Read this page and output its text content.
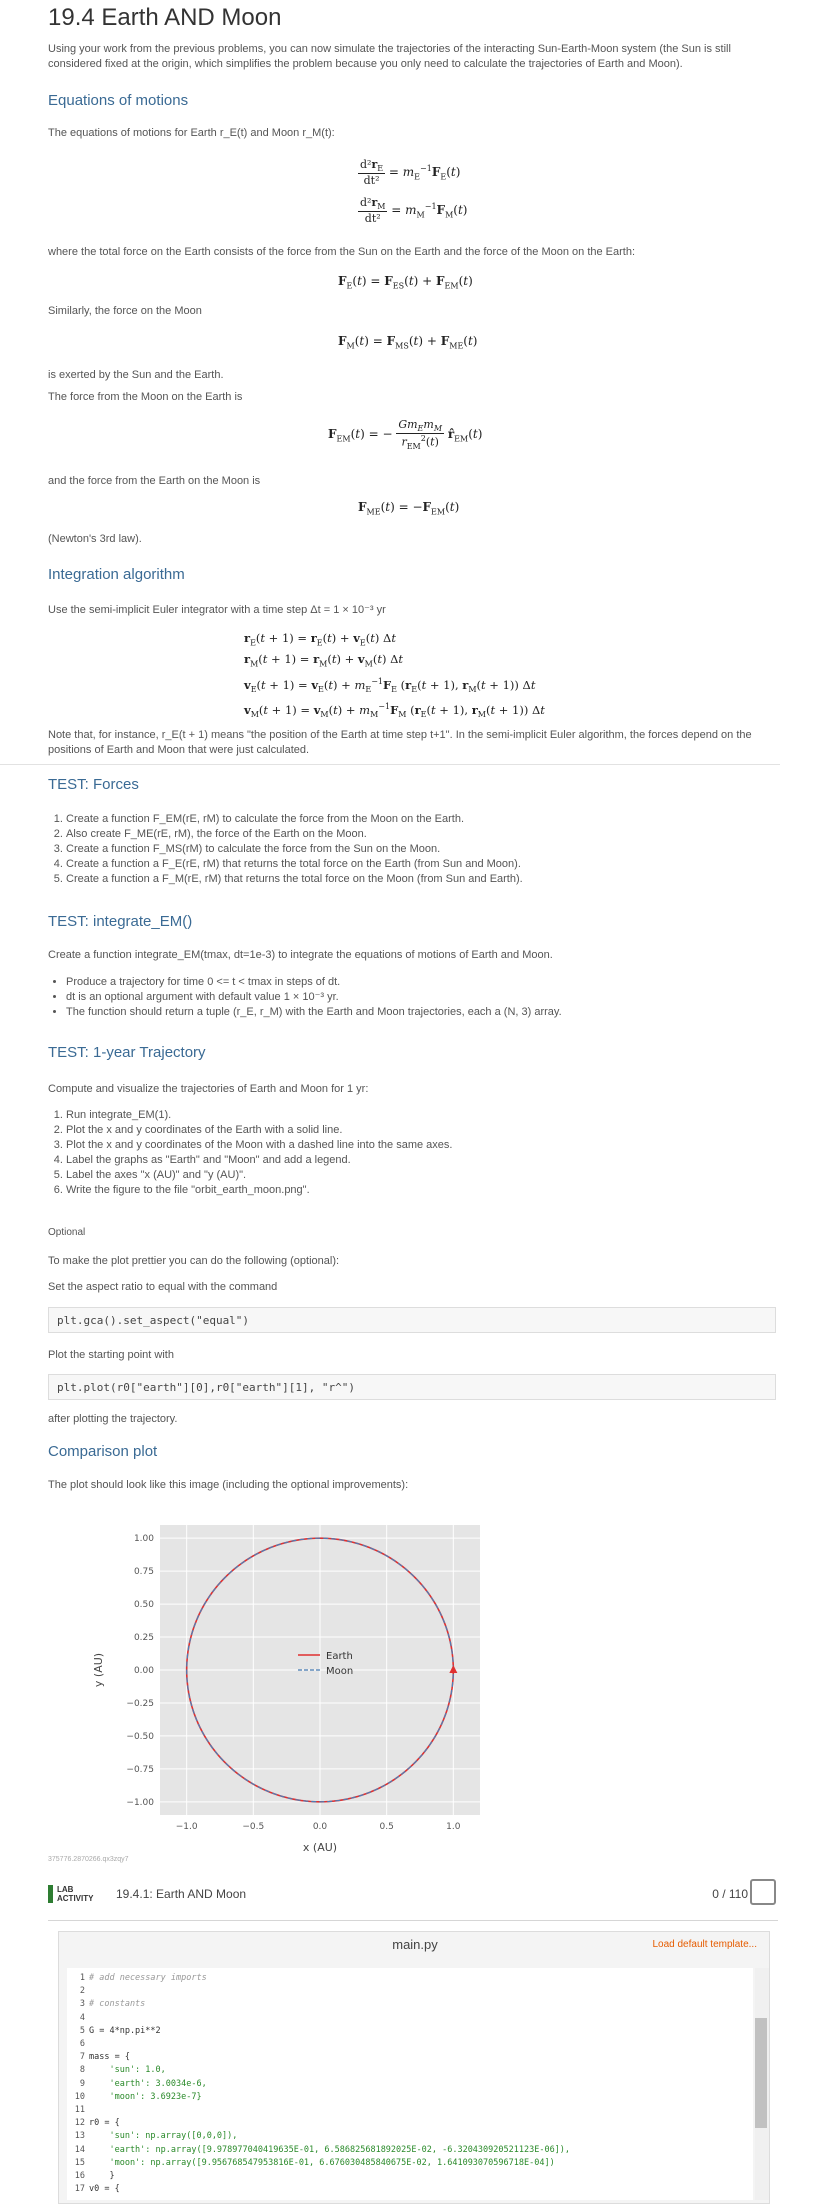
19.4 Earth AND Moon
Using your work from the previous problems, you can now simulate the trajectories of the interacting Sun-Earth-Moon system (the Sun is still considered fixed at the origin, which simplifies the problem because you only need to calculate the trajectories of Earth and Moon).
Equations of motions
The equations of motions for Earth r_E(t) and Moon r_M(t):
$\frac{d^2r_E}{\text{dt²}} = m_E^{-1}F_E(t)$
$\frac{d^2r_M}{\text{dt²}} = m_M^{-1}F_M(t)$
where the total force on the Earth consists of the force from the Sun on the Earth and the force of the Moon on the Earth:
$F_E(t) = F_{ES}(t) + F_{EM}(t)$
Similarly, the force on the Moon
$F_M(t) = F_{MS}(t) + F_{ME}(t)$
is exerted by the Sun and the Earth.
The force from the Moon on the Earth is
$F_{EM}(t)$ = − $\frac{Gm_Em_M}{r_{EM}^2(t)}$ $r̂_{EM}(t)$
and the force from the Earth on the Moon is
$F_{ME}(t) = -F_{EM}(t)$
(Newton's 3rd law).
Integration algorithm
Use the semi-implicit Euler integrator with a time step Δt = 1 × 10⁻³ yr
$r_E(t + 1) = r_E(t) + v_E(t)$ Δt
$r_M(t + 1) = r_M(t) + v_M(t)$ Δt
$v_E(t + 1) = v_E(t) + m_E^{-1}F_E$ ($r_E(t + 1)$, $r_M(t + 1)$) Δt
$v_M(t + 1) = v_M(t) + m_M^{-1}F_M$ ($r_E(t + 1)$, $r_M(t + 1)$) Δt
Note that, for instance, r_E(t + 1) means "the position of the Earth at time step t+1". In the semi-implicit Euler algorithm, the forces depend on the positions of Earth and Moon that were just calculated.
TEST: Forces
1. Create a function F_EM(rE, rM) to calculate the force from the Moon on the Earth.
2. Also create F_ME(rE, rM), the force of the Earth on the Moon.
3. Create a function F_MS(rM) to calculate the force from the Sun on the Moon.
4. Create a function a F_E(rE, rM) that returns the total force on the Earth (from Sun and Moon).
5. Create a function a F_M(rE, rM) that returns the total force on the Moon (from Sun and Earth).
TEST: integrate_EM()
Create a function integrate_EM(tmax, dt=1e-3) to integrate the equations of motions of Earth and Moon.
• Produce a trajectory for time 0 <= t < tmax in steps of dt.
• dt is an optional argument with default value 1 × 10⁻³ yr.
• The function should return a tuple (r_E, r_M) with the Earth and Moon trajectories, each a (N, 3) array.
TEST: 1-year Trajectory
Compute and visualize the trajectories of Earth and Moon for 1 yr:
1. Run integrate_EM(1).
2. Plot the x and y coordinates of the Earth with a solid line.
3. Plot the x and y coordinates of the Moon with a dashed line into the same axes.
4. Label the graphs as "Earth" and "Moon" and add a legend.
5. Label the axes "x (AU)" and "y (AU)".
6. Write the figure to the file "orbit_earth_moon.png".
Optional
To make the plot prettier you can do the following (optional):
Set the aspect ratio to equal with the command
plt.gca().set_aspect("equal")
Plot the starting point with
plt.plot(r0["earth"][0],r0["earth"][1], "r^")
after plotting the trajectory.
Comparison plot
The plot should look like this image (including the optional improvements):
−1.0	−0.5	0.0	0.5	1.0
1.00
0.75
0.50
0.25
0.00
−0.25
−0.50
−0.75
−1.00
Earth
Moon
x (AU)
y (AU)
375776.2870266.qx3zqy7
LAB
ACTIVITY 19.4.1: Earth AND Moon	0 / 110
main.py	Load default template...
1 # add necessary imports
2
3 # constants
4
5 G = 4*np.pi**2
6
7 mass = {
8    'sun': 1.0,
9    'earth': 3.0034e-6,
10    'moon': 3.6923e-7}
11
12 r0 = {
13    'sun': np.array([0,0,0]),
14    'earth': np.array([9.978977040419635E-01, 6.586825681892025E-02, -6.320430920521123E-06]),
15    'moon': np.array([9.956768547953816E-01, 6.676030485840675E-02, 1.641093070596718E-04])
16    }
17 v0 = {
